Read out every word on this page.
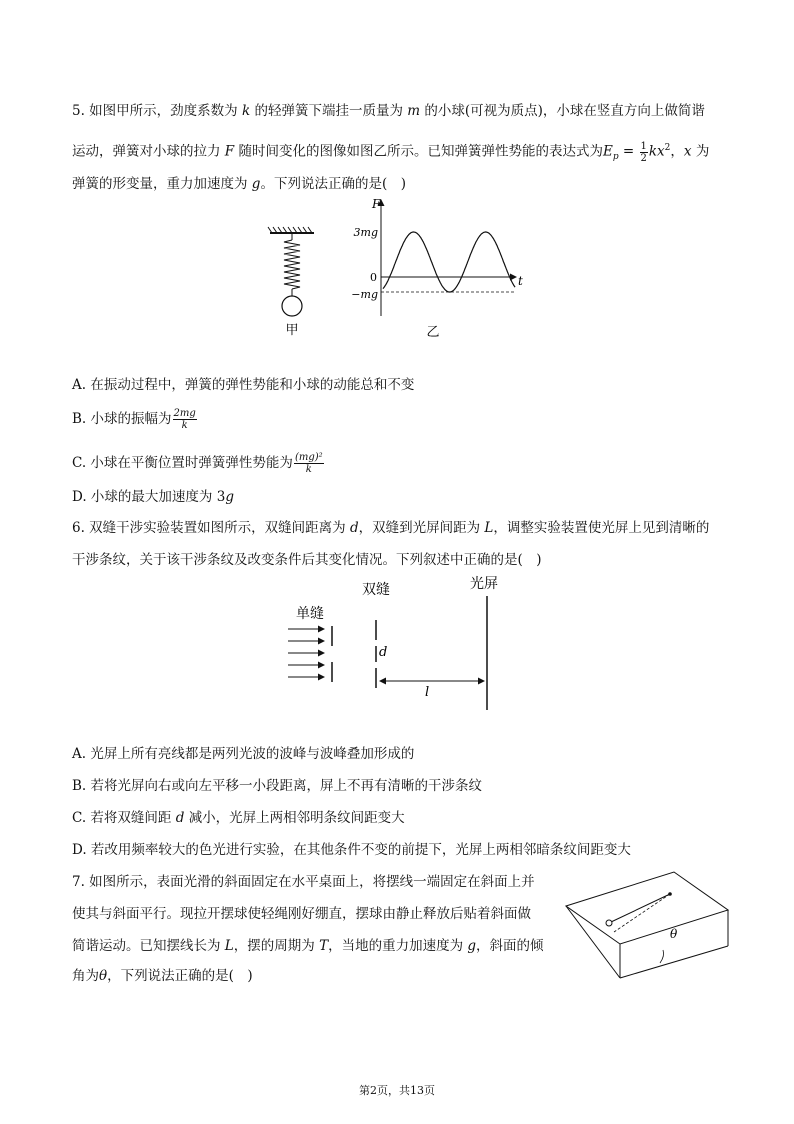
5. 如图甲所示，劲度系数为 k 的轻弹簧下端挂一质量为 m 的小球(可视为质点)，小球在竖直方向上做简谐
运动，弹簧对小球的拉力 F 随时间变化的图像如图乙所示。已知弹簧弹性势能的表达式为$E_p = \frac{1}{2} kx^2$，x 为
弹簧的形变量，重力加速度为 g。下列说法正确的是(　)
甲
F
t
3mg
0
−mg
乙
A. 在振动过程中，弹簧的弹性势能和小球的动能总和不变
B. 小球的振幅为 $\frac{2mg}{k}$
C. 小球在平衡位置时弹簧弹性势能为 $\frac{\text{(mg)²}}{k}$
D. 小球的最大加速度为 3g
6. 双缝干涉实验装置如图所示，双缝间距离为 d，双缝到光屏间距为 L，调整实验装置使光屏上见到清晰的
干涉条纹，关于该干涉条纹及改变条件后其变化情况。下列叙述中正确的是(　)
单缝
双缝	光屏
d
l
A. 光屏上所有亮线都是两列光波的波峰与波峰叠加形成的
B. 若将光屏向右或向左平移一小段距离，屏上不再有清晰的干涉条纹
C. 若将双缝间距 d 减小，光屏上两相邻明条纹间距变大
D. 若改用频率较大的色光进行实验，在其他条件不变的前提下，光屏上两相邻暗条纹间距变大
7. 如图所示，表面光滑的斜面固定在水平桌面上，将摆线一端固定在斜面上并
使其与斜面平行。现拉开摆球使轻绳刚好绷直，摆球由静止释放后贴着斜面做
简谐运动。已知摆线长为 L，摆的周期为 T，当地的重力加速度为 g，斜面的倾
角为θ，下列说法正确的是(　)
θ
第2页，共13页
